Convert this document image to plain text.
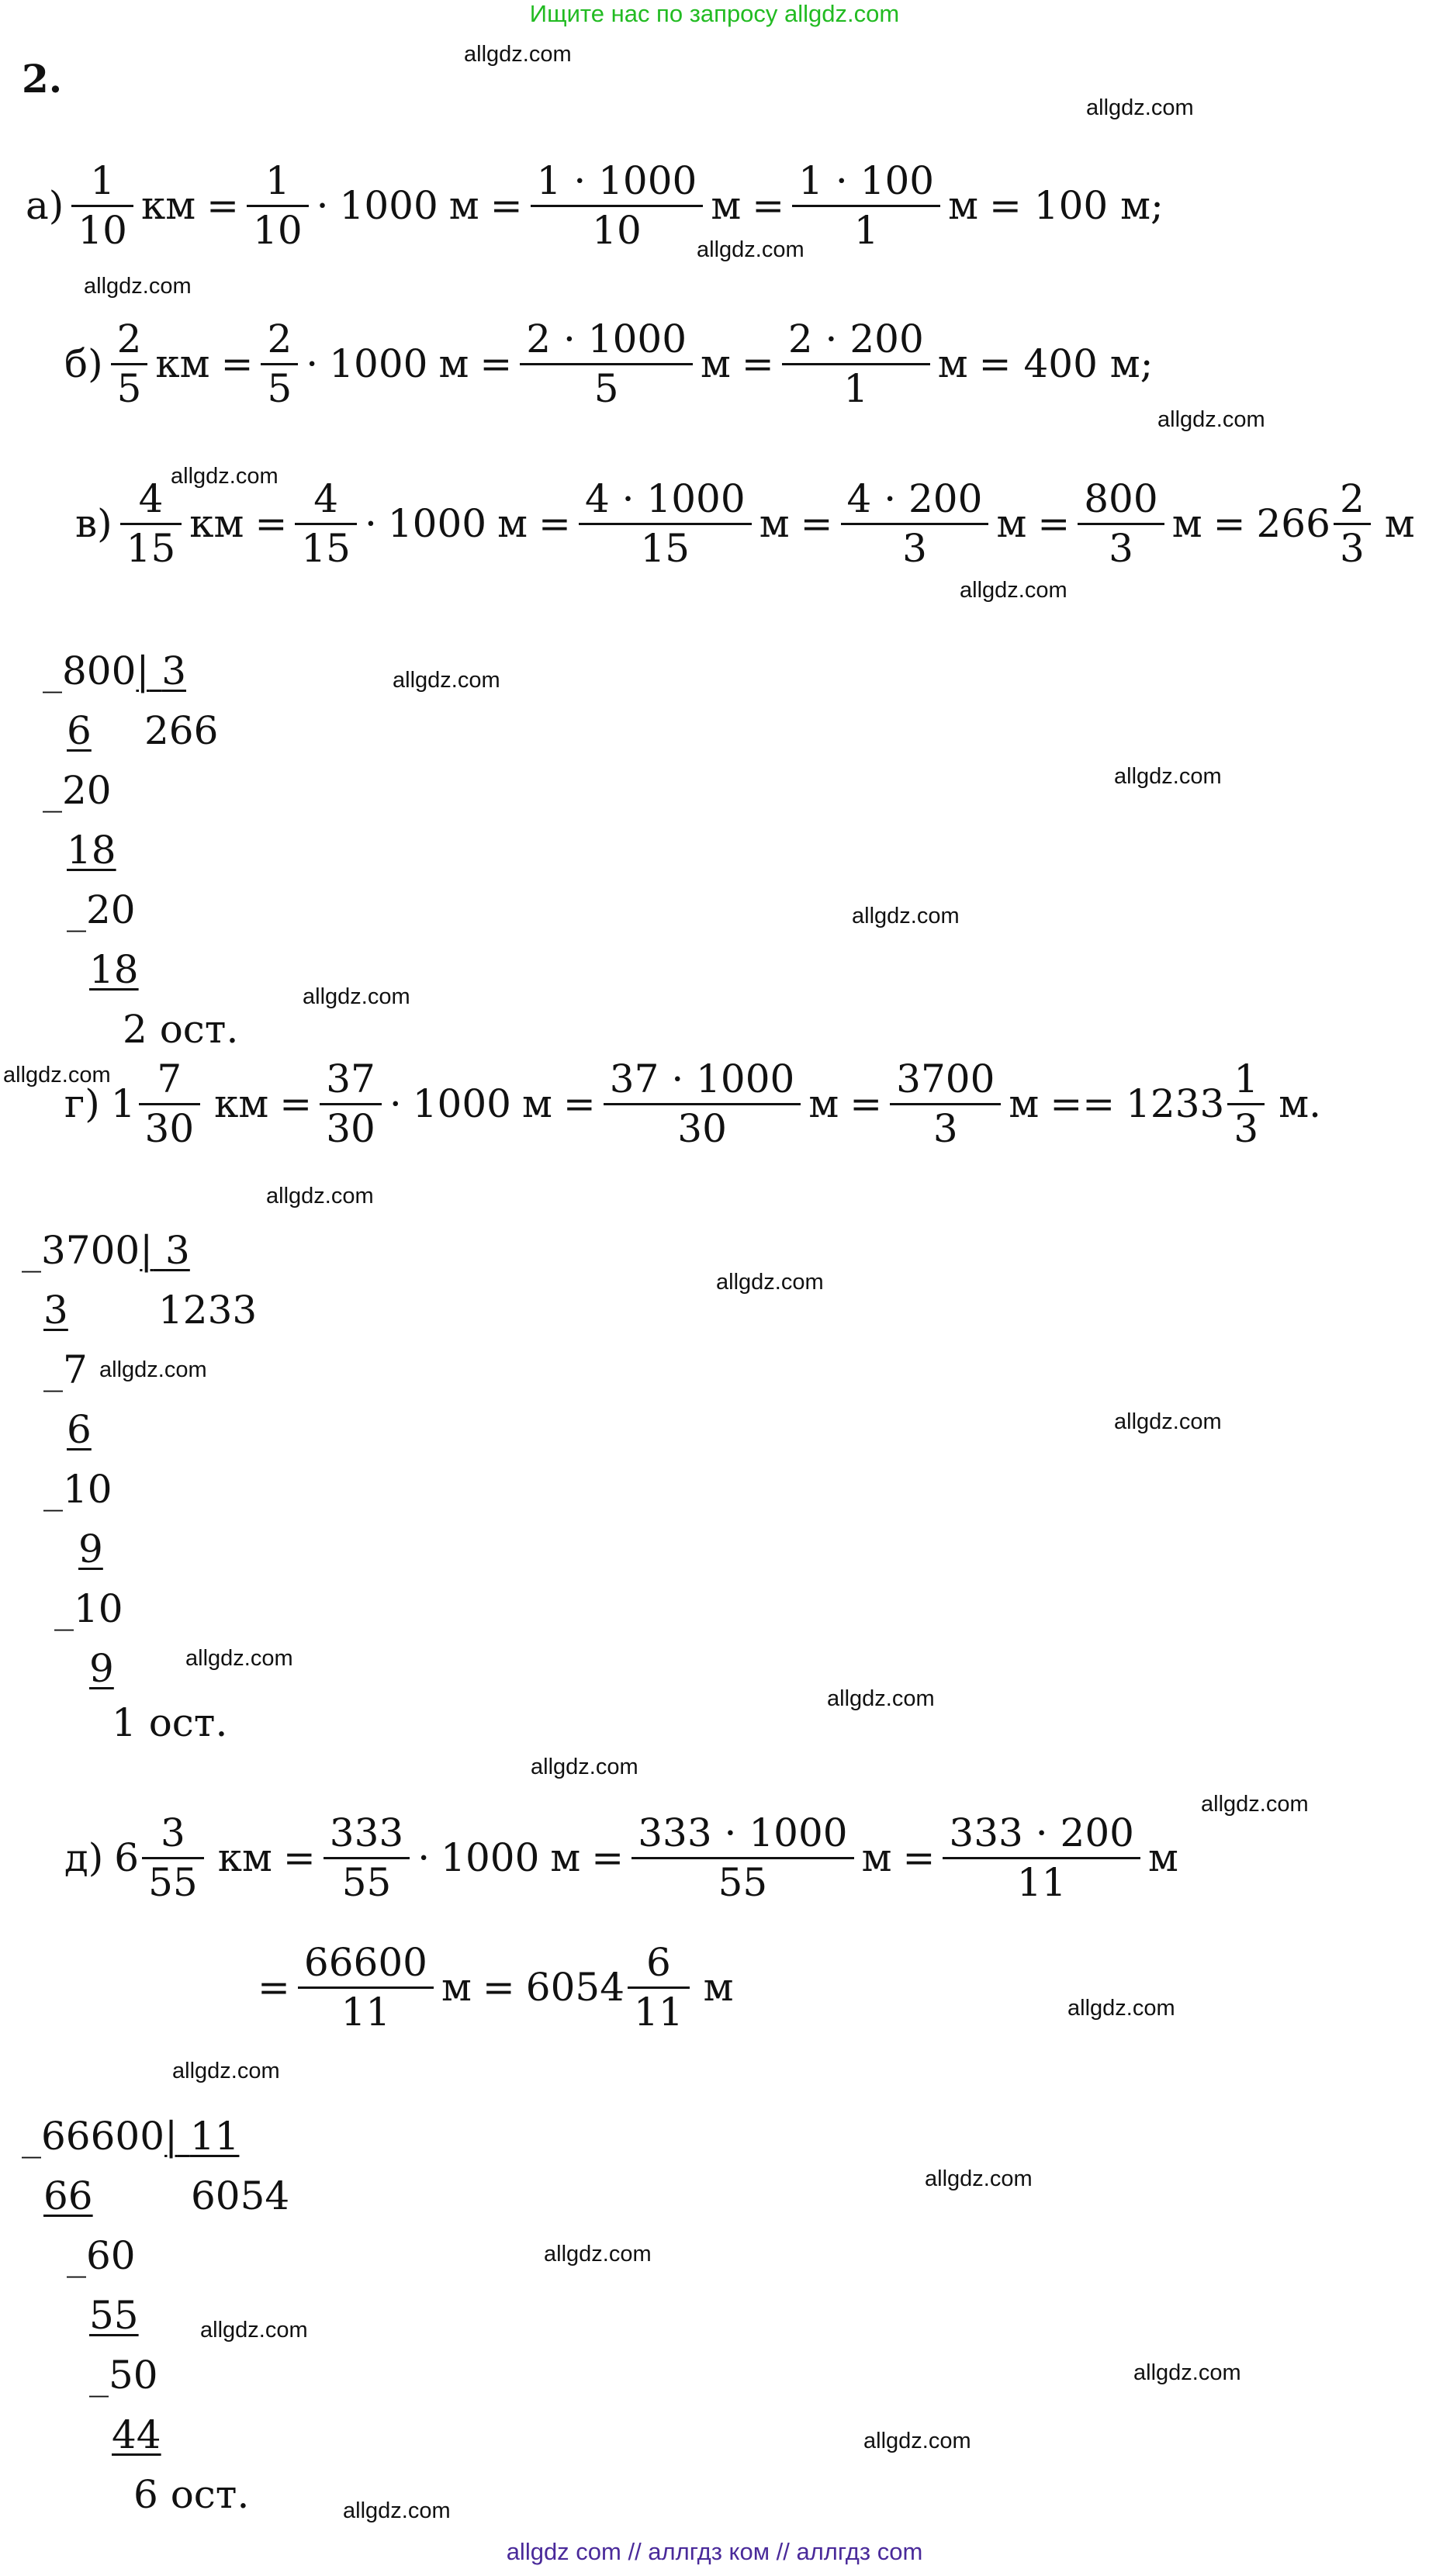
Ищите нас по запросу allgdz.com
2.
allgdz.com
allgdz.com
allgdz.com
allgdz.com
allgdz.com
allgdz.com
allgdz.com
allgdz.com
allgdz.com
allgdz.com
allgdz.com
allgdz.com
allgdz.com
allgdz.com
allgdz.com
allgdz.com
allgdz.com
allgdz.com
allgdz.com
allgdz.com
allgdz.com
allgdz.com
allgdz.com
allgdz.com
allgdz.com
allgdz.com
allgdz.com
allgdz.com
$а) \frac{1}{10}$ км = $\frac{1}{10} \cdot 1000$ $м = \frac{1 \cdot 1000}{10}$ $м = \frac{1 \cdot 100}{1}$ м = 100 м;
$б) \frac{2}{5}$ км = $\frac{2}{5} \cdot 1000$ $м = \frac{2 \cdot 1000}{5}$ $м = \frac{2 \cdot 200}{1}$ м = 400 м;
$в) \frac{4}{15}$ км = $\frac{4}{15} \cdot 1000$ $м = \frac{4 \cdot 1000}{15}$ $м = \frac{4 \cdot 200}{3}$ $м = \frac{800}{3}$ $м = 266 \frac{2}{3}$ м
_800| 3
6 266
_20
18
_20
18
2 ост.
г) $1 \frac{7}{30}$ км = $\frac{37}{30} \cdot 1000$ $м = \frac{37 \cdot 1000}{30}$ $м = \frac{3700}{3}$ $м == 1233 \frac{1}{3} м$.
_3700| 3
3 1233
_7
6
_10
9
_10
9
1 ост.
д) $6 \frac{3}{55}$ км = $\frac{333}{55} \cdot 1000$ $м = \frac{333 \cdot 1000}{55}$ $м = \frac{333 \cdot 200}{11}$ м
= $\frac{66600}{11}$ $м = 6054 \frac{6}{11}$ м
_66600| 11
66	6054
_60
55
_50
44
6 ост.
allgdz com // аллгдз ком // аллгдз com
